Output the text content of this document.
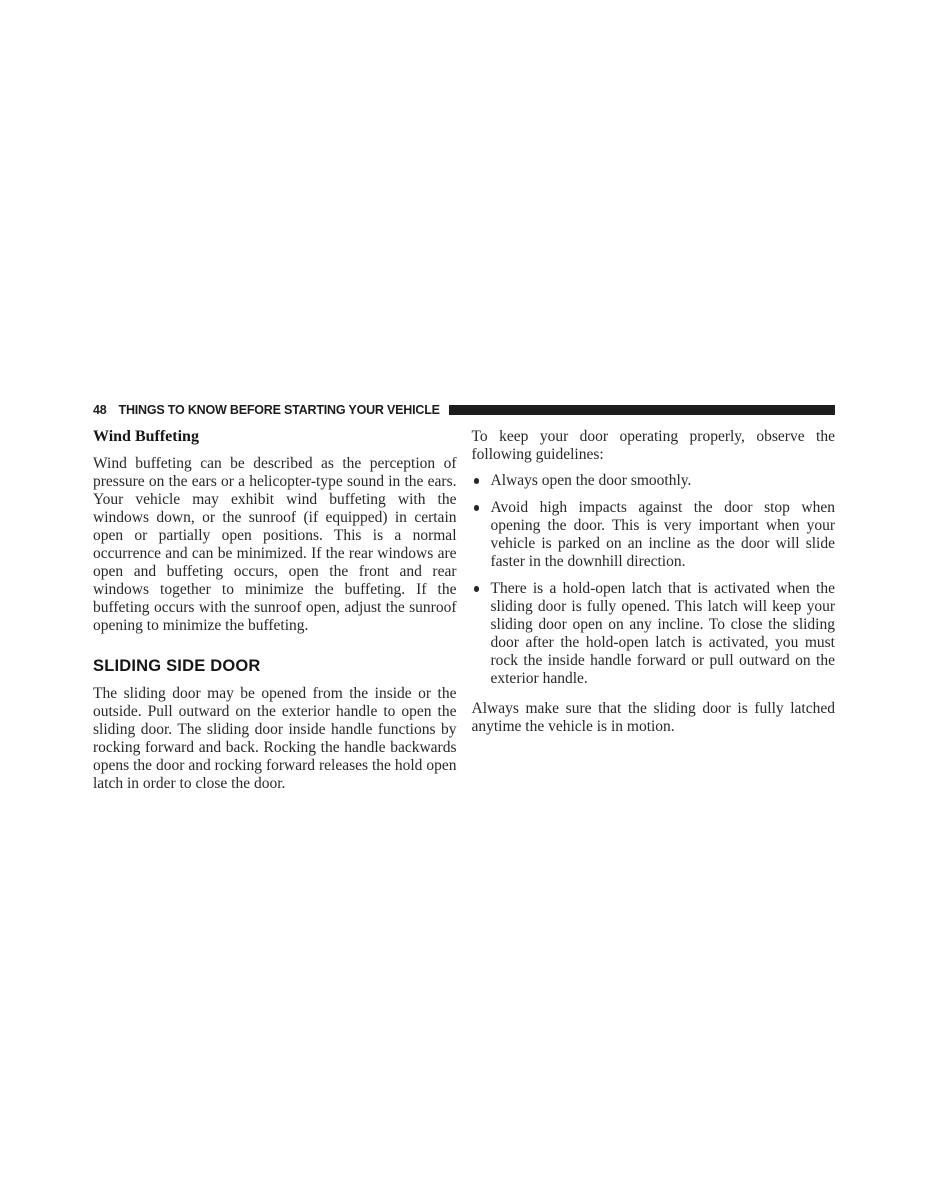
48 THINGS TO KNOW BEFORE STARTING YOUR VEHICLE
Wind Buffeting

Wind buffeting can be described as the perception of pressure on the ears or a helicopter-type sound in the ears. Your vehicle may exhibit wind buffeting with the windows down, or the sunroof (if equipped) in certain open or partially open positions. This is a normal occurrence and can be minimized. If the rear windows are open and buffeting occurs, open the front and rear windows together to minimize the buffeting. If the buffeting occurs with the sunroof open, adjust the sunroof opening to minimize the buffeting.

SLIDING SIDE DOOR

The sliding door may be opened from the inside or the outside. Pull outward on the exterior handle to open the sliding door. The sliding door inside handle functions by rocking forward and back. Rocking the handle backwards opens the door and rocking forward releases the hold open latch in order to close the door.

To keep your door operating properly, observe the following guidelines:

Always open the door smoothly.
Avoid high impacts against the door stop when opening the door. This is very important when your vehicle is parked on an incline as the door will slide faster in the downhill direction.
There is a hold-open latch that is activated when the sliding door is fully opened. This latch will keep your sliding door open on any incline. To close the sliding door after the hold-open latch is activated, you must rock the inside handle forward or pull outward on the exterior handle.

Always make sure that the sliding door is fully latched anytime the vehicle is in motion.
